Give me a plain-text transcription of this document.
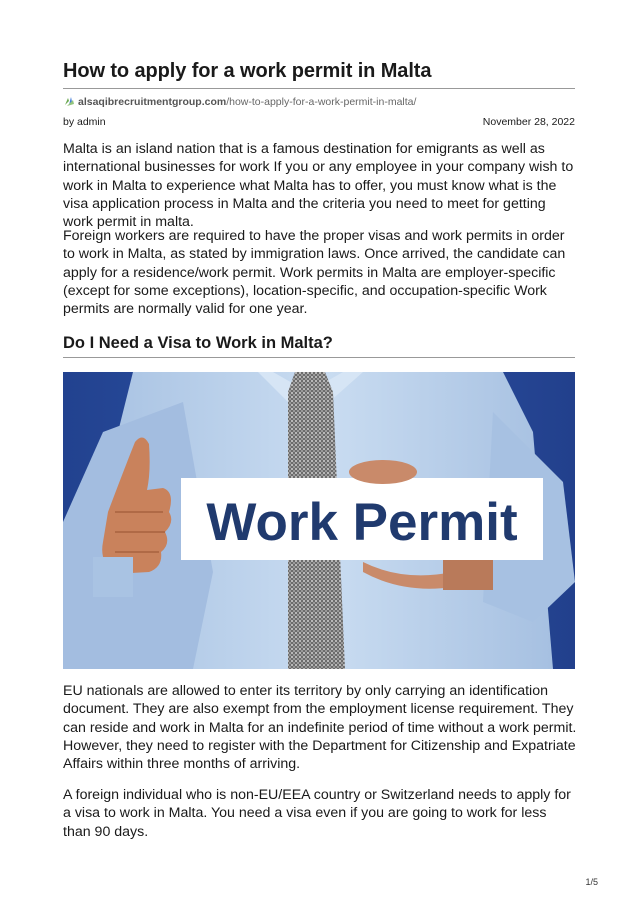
How to apply for a work permit in Malta
alsaqibrecruitmentgroup.com/how-to-apply-for-a-work-permit-in-malta/
by admin	November 28, 2022

Malta is an island nation that is a famous destination for emigrants as well as international businesses for work If you or any employee in your company wish to work in Malta to experience what Malta has to offer, you must know what is the visa application process in Malta and the criteria you need to meet for getting work permit in malta.

Foreign workers are required to have the proper visas and work permits in order to work in Malta, as stated by immigration laws. Once arrived, the candidate can apply for a residence/work permit. Work permits in Malta are employer-specific (except for some exceptions), location-specific, and occupation-specific Work permits are normally valid for one year.

Do I Need a Visa to Work in Malta?
Work Permit

EU nationals are allowed to enter its territory by only carrying an identification document. They are also exempt from the employment license requirement. They can reside and work in Malta for an indefinite period of time without a work permit. However, they need to register with the Department for Citizenship and Expatriate Affairs within three months of arriving.

A foreign individual who is non-EU/EEA country or Switzerland needs to apply for a visa to work in Malta. You need a visa even if you are going to work for less than 90 days.

1/5
